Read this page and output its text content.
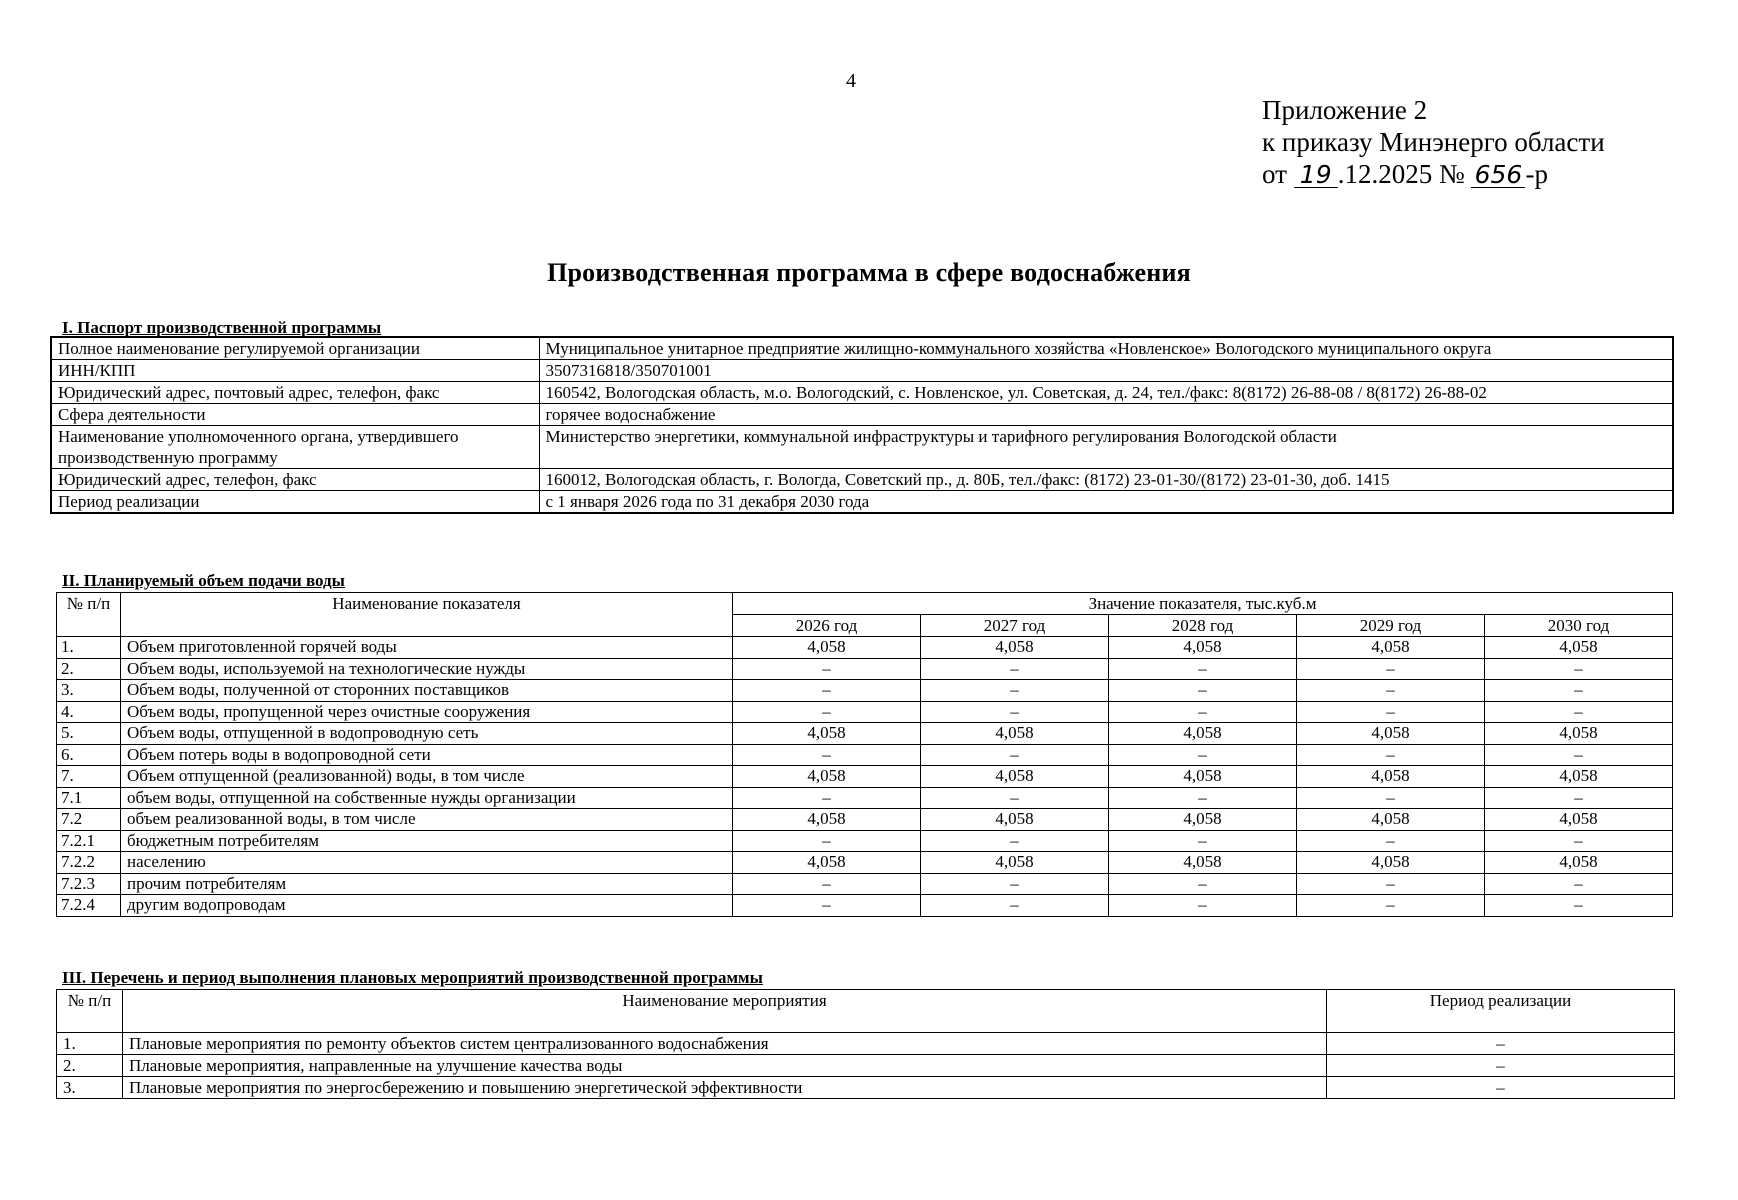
4
Приложение 2
к приказу Минэнерго области
от 19 .12.2025 № 656 -р
Производственная программа в сфере водоснабжения
I. Паспорт производственной программы
Полное наименование регулируемой организации	Муниципальное унитарное предприятие жилищно-коммунального хозяйства «Новленское» Вологодского муниципального округа
ИНН/КПП	3507316818/350701001
Юридический адрес, почтовый адрес, телефон, факс	160542, Вологодская область, м.о. Вологодский, с. Новленское, ул. Советская, д. 24, тел./факс: 8(8172) 26-88-08 / 8(8172) 26-88-02
Сфера деятельности	горячее водоснабжение
Наименование уполномоченного органа, утвердившего производственную программу	Министерство энергетики, коммунальной инфраструктуры и тарифного регулирования Вологодской области
Юридический адрес, телефон, факс	160012, Вологодская область, г. Вологда, Советский пр., д. 80Б, тел./факс: (8172) 23-01-30/(8172) 23-01-30, доб. 1415
Период реализации	с 1 января 2026 года по 31 декабря 2030 года
II. Планируемый объем подачи воды
№ п/п	Наименование показателя	Значение показателя, тыс.куб.м				
		2026 год	2027 год	2028 год	2029 год	2030 год
1.	Объем приготовленной горячей воды	4,058	4,058	4,058	4,058	4,058
2.	Объем воды, используемой на технологические нужды	–	–	–	–	–
3.	Объем воды, полученной от сторонних поставщиков	–	–	–	–	–
4.	Объем воды, пропущенной через очистные сооружения	–	–	–	–	–
5.	Объем воды, отпущенной в водопроводную сеть	4,058	4,058	4,058	4,058	4,058
6.	Объем потерь воды в водопроводной сети	–	–	–	–	–
7.	Объем отпущенной (реализованной) воды, в том числе	4,058	4,058	4,058	4,058	4,058
7.1	объем воды, отпущенной на собственные нужды организации	–	–	–	–	–
7.2	объем реализованной воды, в том числе	4,058	4,058	4,058	4,058	4,058
7.2.1	бюджетным потребителям	–	–	–	–	–
7.2.2	населению	4,058	4,058	4,058	4,058	4,058
7.2.3	прочим потребителям	–	–	–	–	–
7.2.4	другим водопроводам	–	–	–	–	–
III. Перечень и период выполнения плановых мероприятий производственной программы
№ п/п	Наименование мероприятия	Период реализации
1.	Плановые мероприятия по ремонту объектов систем централизованного водоснабжения	–
2.	Плановые мероприятия, направленные на улучшение качества воды	–
3.	Плановые мероприятия по энергосбережению и повышению энергетической эффективности	–
